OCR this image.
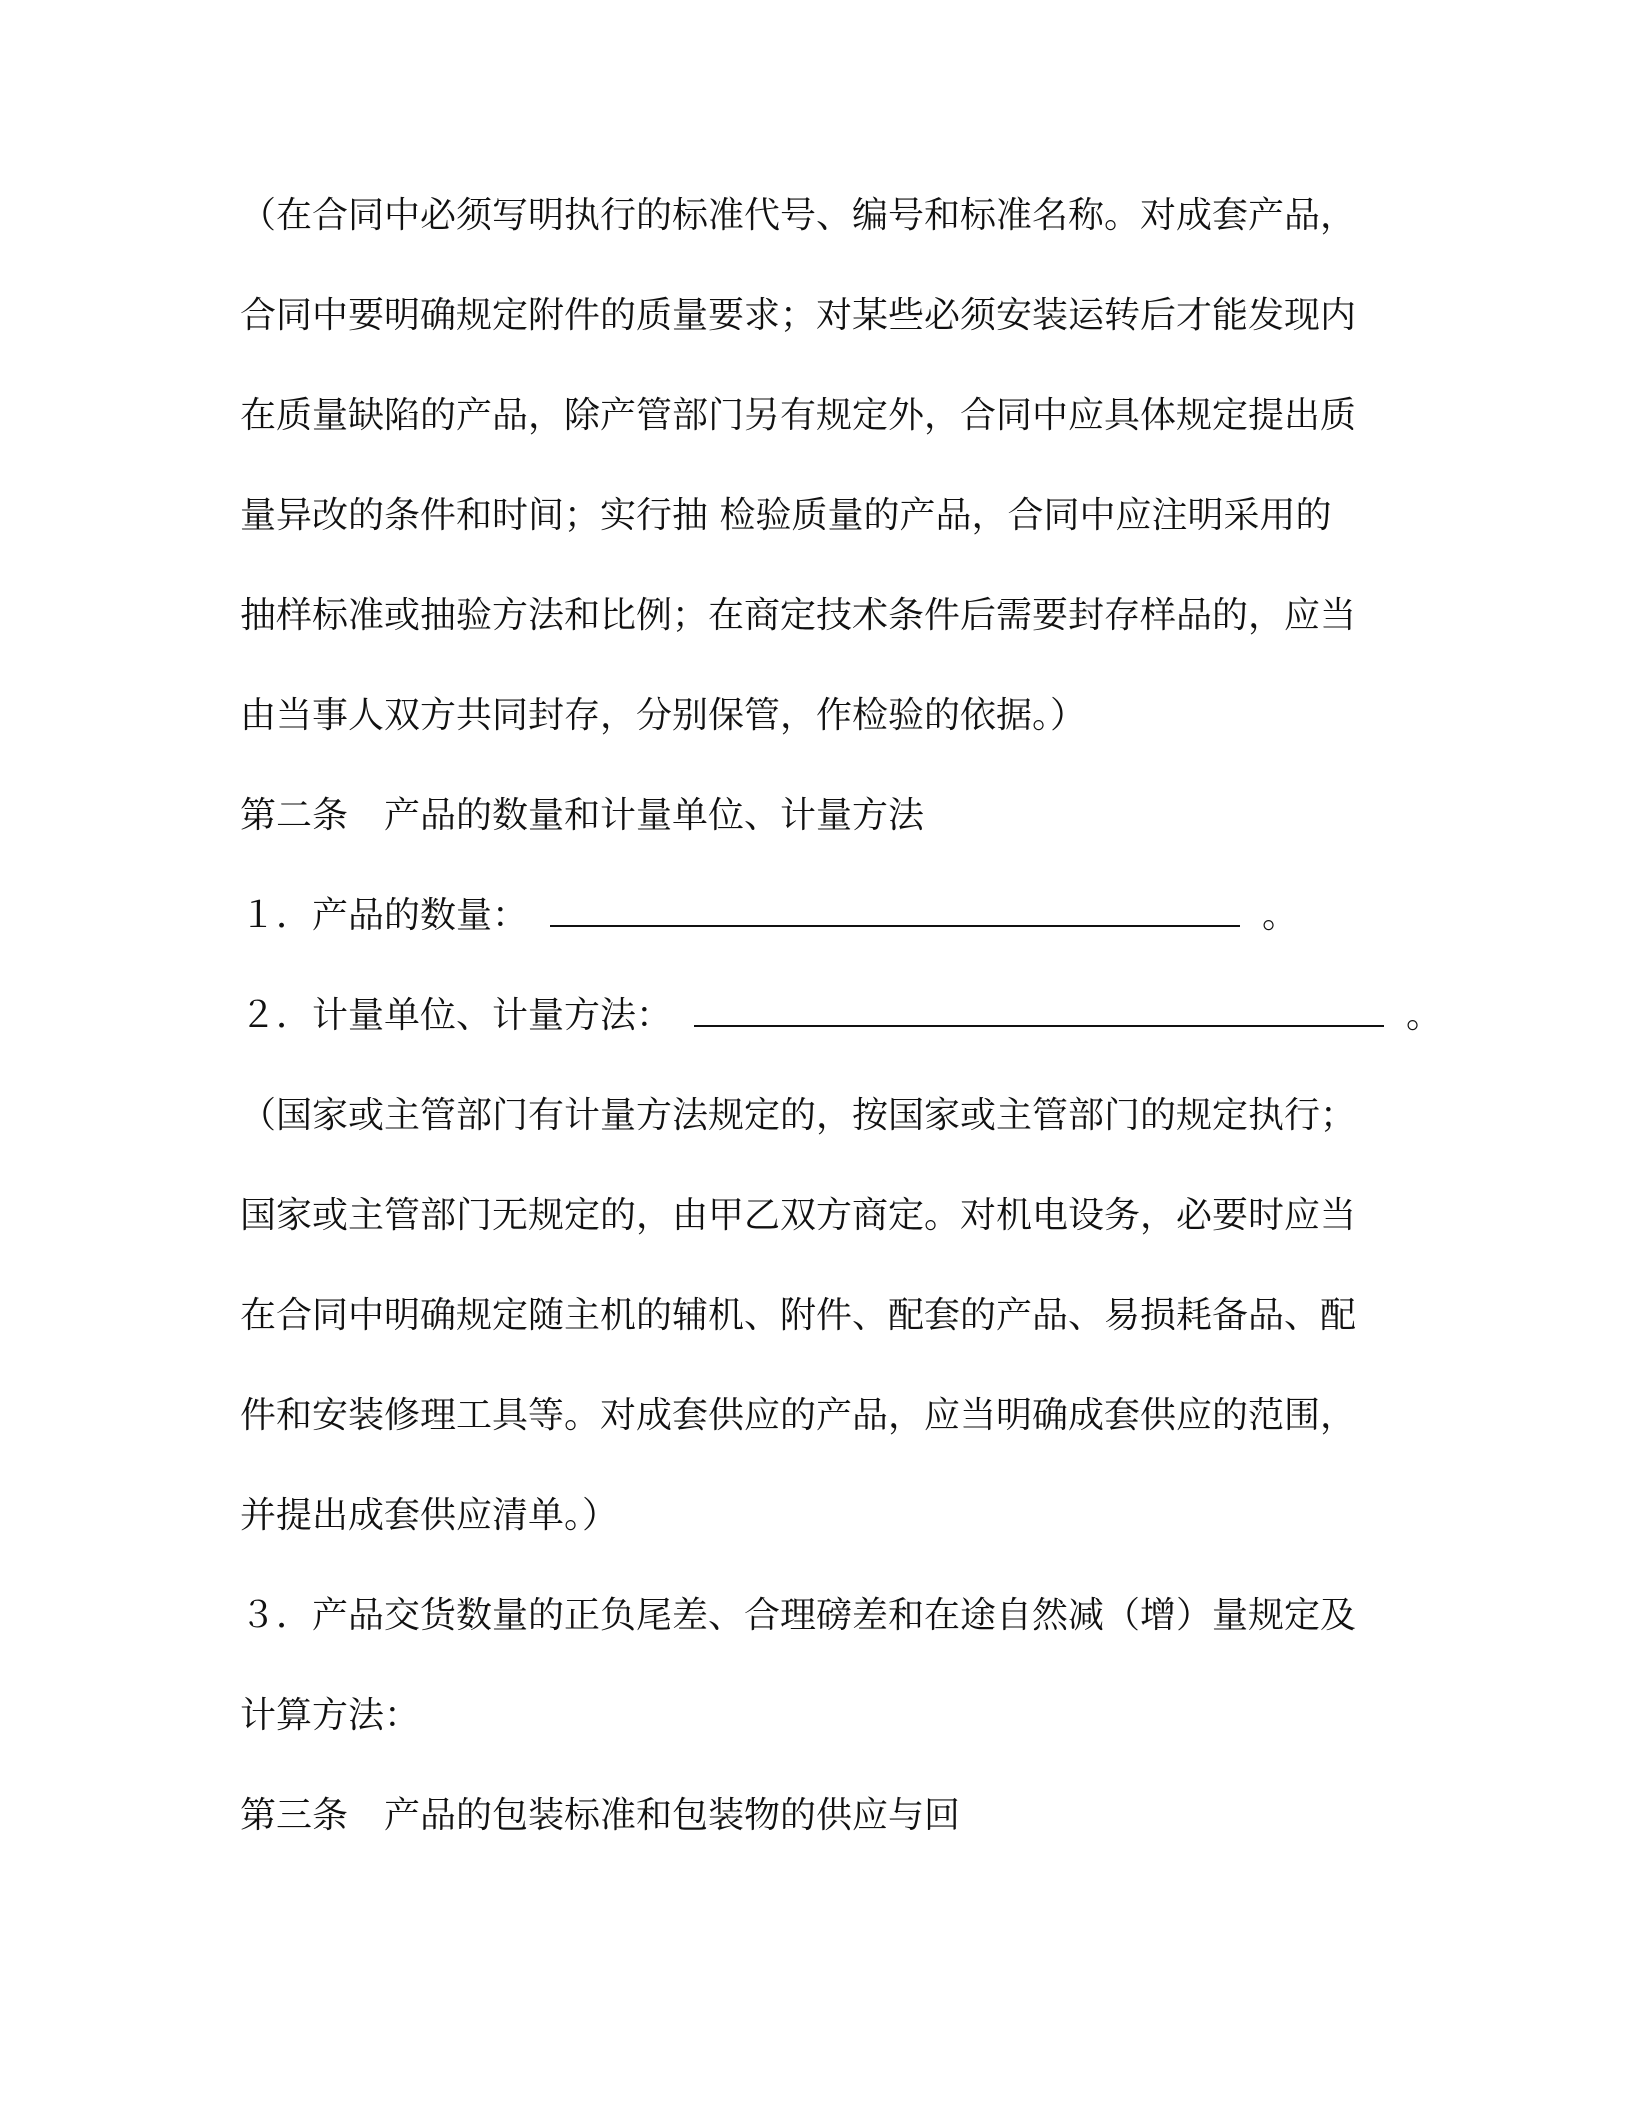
（在合同中必须写明执行的标准代号、编号和标准名称。对成套产品，
合同中要明确规定附件的质量要求；对某些必须安装运转后才能发现内
在质量缺陷的产品，除产管部门另有规定外，合同中应具体规定提出质
量异改的条件和时间；实行抽 检验质量的产品，合同中应注明采用的
抽样标准或抽验方法和比例；在商定技术条件后需要封存样品的，应当
由当事人双方共同封存，分别保管，作检验的依据。）
第二条　产品的数量和计量单位、计量方法
１．产品的数量：	。
２．计量单位、计量方法：	。
（国家或主管部门有计量方法规定的，按国家或主管部门的规定执行；
国家或主管部门无规定的，由甲乙双方商定。对机电设务，必要时应当
在合同中明确规定随主机的辅机、附件、配套的产品、易损耗备品、配
件和安装修理工具等。对成套供应的产品，应当明确成套供应的范围，
并提出成套供应清单。）
３．产品交货数量的正负尾差、合理磅差和在途自然减（增）量规定及
计算方法：
第三条　产品的包装标准和包装物的供应与回
